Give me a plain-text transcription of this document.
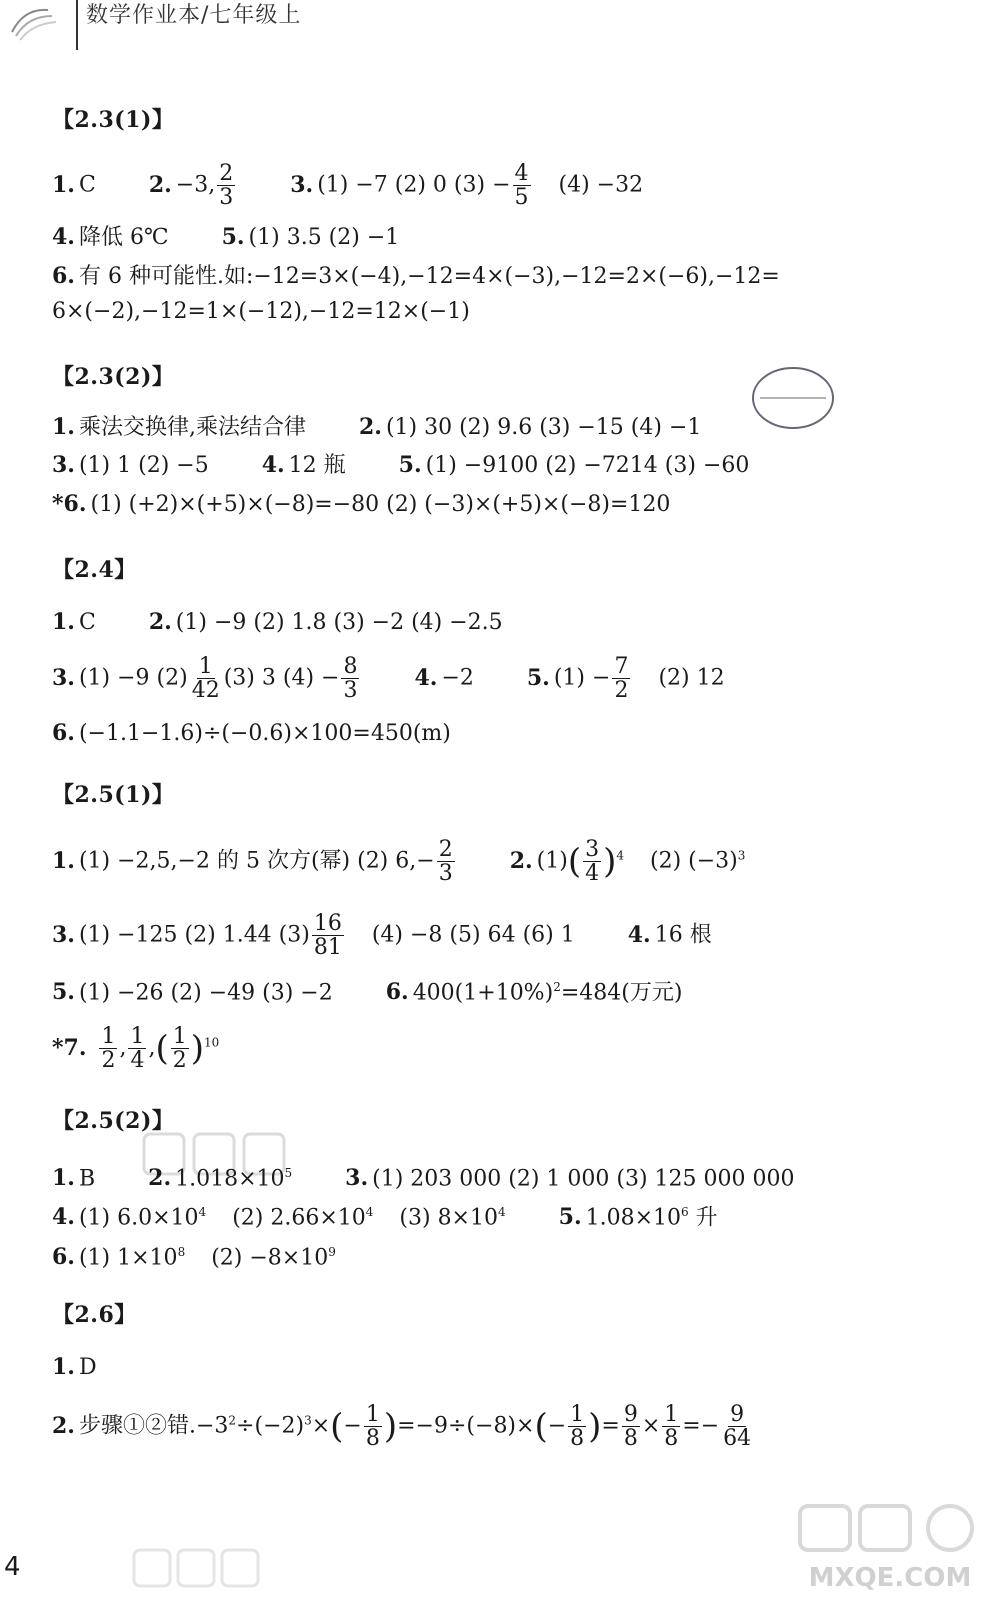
数学作业本/七年级上
【2.3(1)】
1. C 2. −3, $\frac{2}{3}$	3. (1) −7 (2) 0 $(3) - \frac{4}{5} (4) -32$
4. 降低 6℃ 5. (1) 3.5 (2) −1
6. 有 6 种可能性.如:−12=3×(−4),−12=4×(−3),−12=2×(−6),−12=
6×(−2),−12=1×(−12),−12=12×(−1)
【2.3(2)】
1. 乘法交换律,乘法结合律 2. (1) 30 (2) 9.6 (3) −15 (4) −1
3. (1) 1 (2) −5 4. 12 瓶 5. (1) −9100 (2) −7214 (3) −60
*6. (1) (+2)×(+5)×(−8)=−80 (2) (−3)×(+5)×(−8)=120
【2.4】
1. C 2. (1) −9 (2) 1.8 (3) −2 (4) −2.5
3. (1) −9 $(2) \frac{1}{42} (3)$ 3 $(4) - \frac{8}{3}$	4. −2 5. $(1) - \frac{7}{2} (2)$ 12
6. (−1.1−1.6)÷(−0.6)×100=450(m)
【2.5(1)】
1. (1) −2,5,−2 的 5 次方(幂) (2) $6,- \frac{2}{3}$	2. $(1)( \frac{3}{4} )^4$ (2) $(-3)^3$
3. (1) −125 (2) 1.44 $(3) \frac{16}{81} (4) -8$ (5) 64 (6) 1 4. 16 根
5. (1) −26 (2) −49 (3) −2 6. $400(1+10\%)^2=484$(万元)
*7. $\frac{1}{2}$ , $\frac{1}{4}$ ,( $\frac{1}{2} )^{10}$
【2.5(2)】
1. B 2. $1.018\times 10^5$ 3. (1) 203 000 (2) 1 000 (3) 125 000 000
4. (1) $6.0\times 10^4$ (2) $2.66\times 10^4$ (3) $8\times 10^4$ 5. $1.08\times 10^6$ 升
6. (1) $1\times 10^8$ $(2) -8\times 10^9$
【2.6】
1. D
2. 步骤①②错$.-3^2\div(-2)^3\times(- \frac{1}{8} )=-9\div(-8)\times(- \frac{1}{8}$ )= $\frac{9}{8} \times \frac{1}{8} =- \frac{9}{64}$
MXQE.COM
4
